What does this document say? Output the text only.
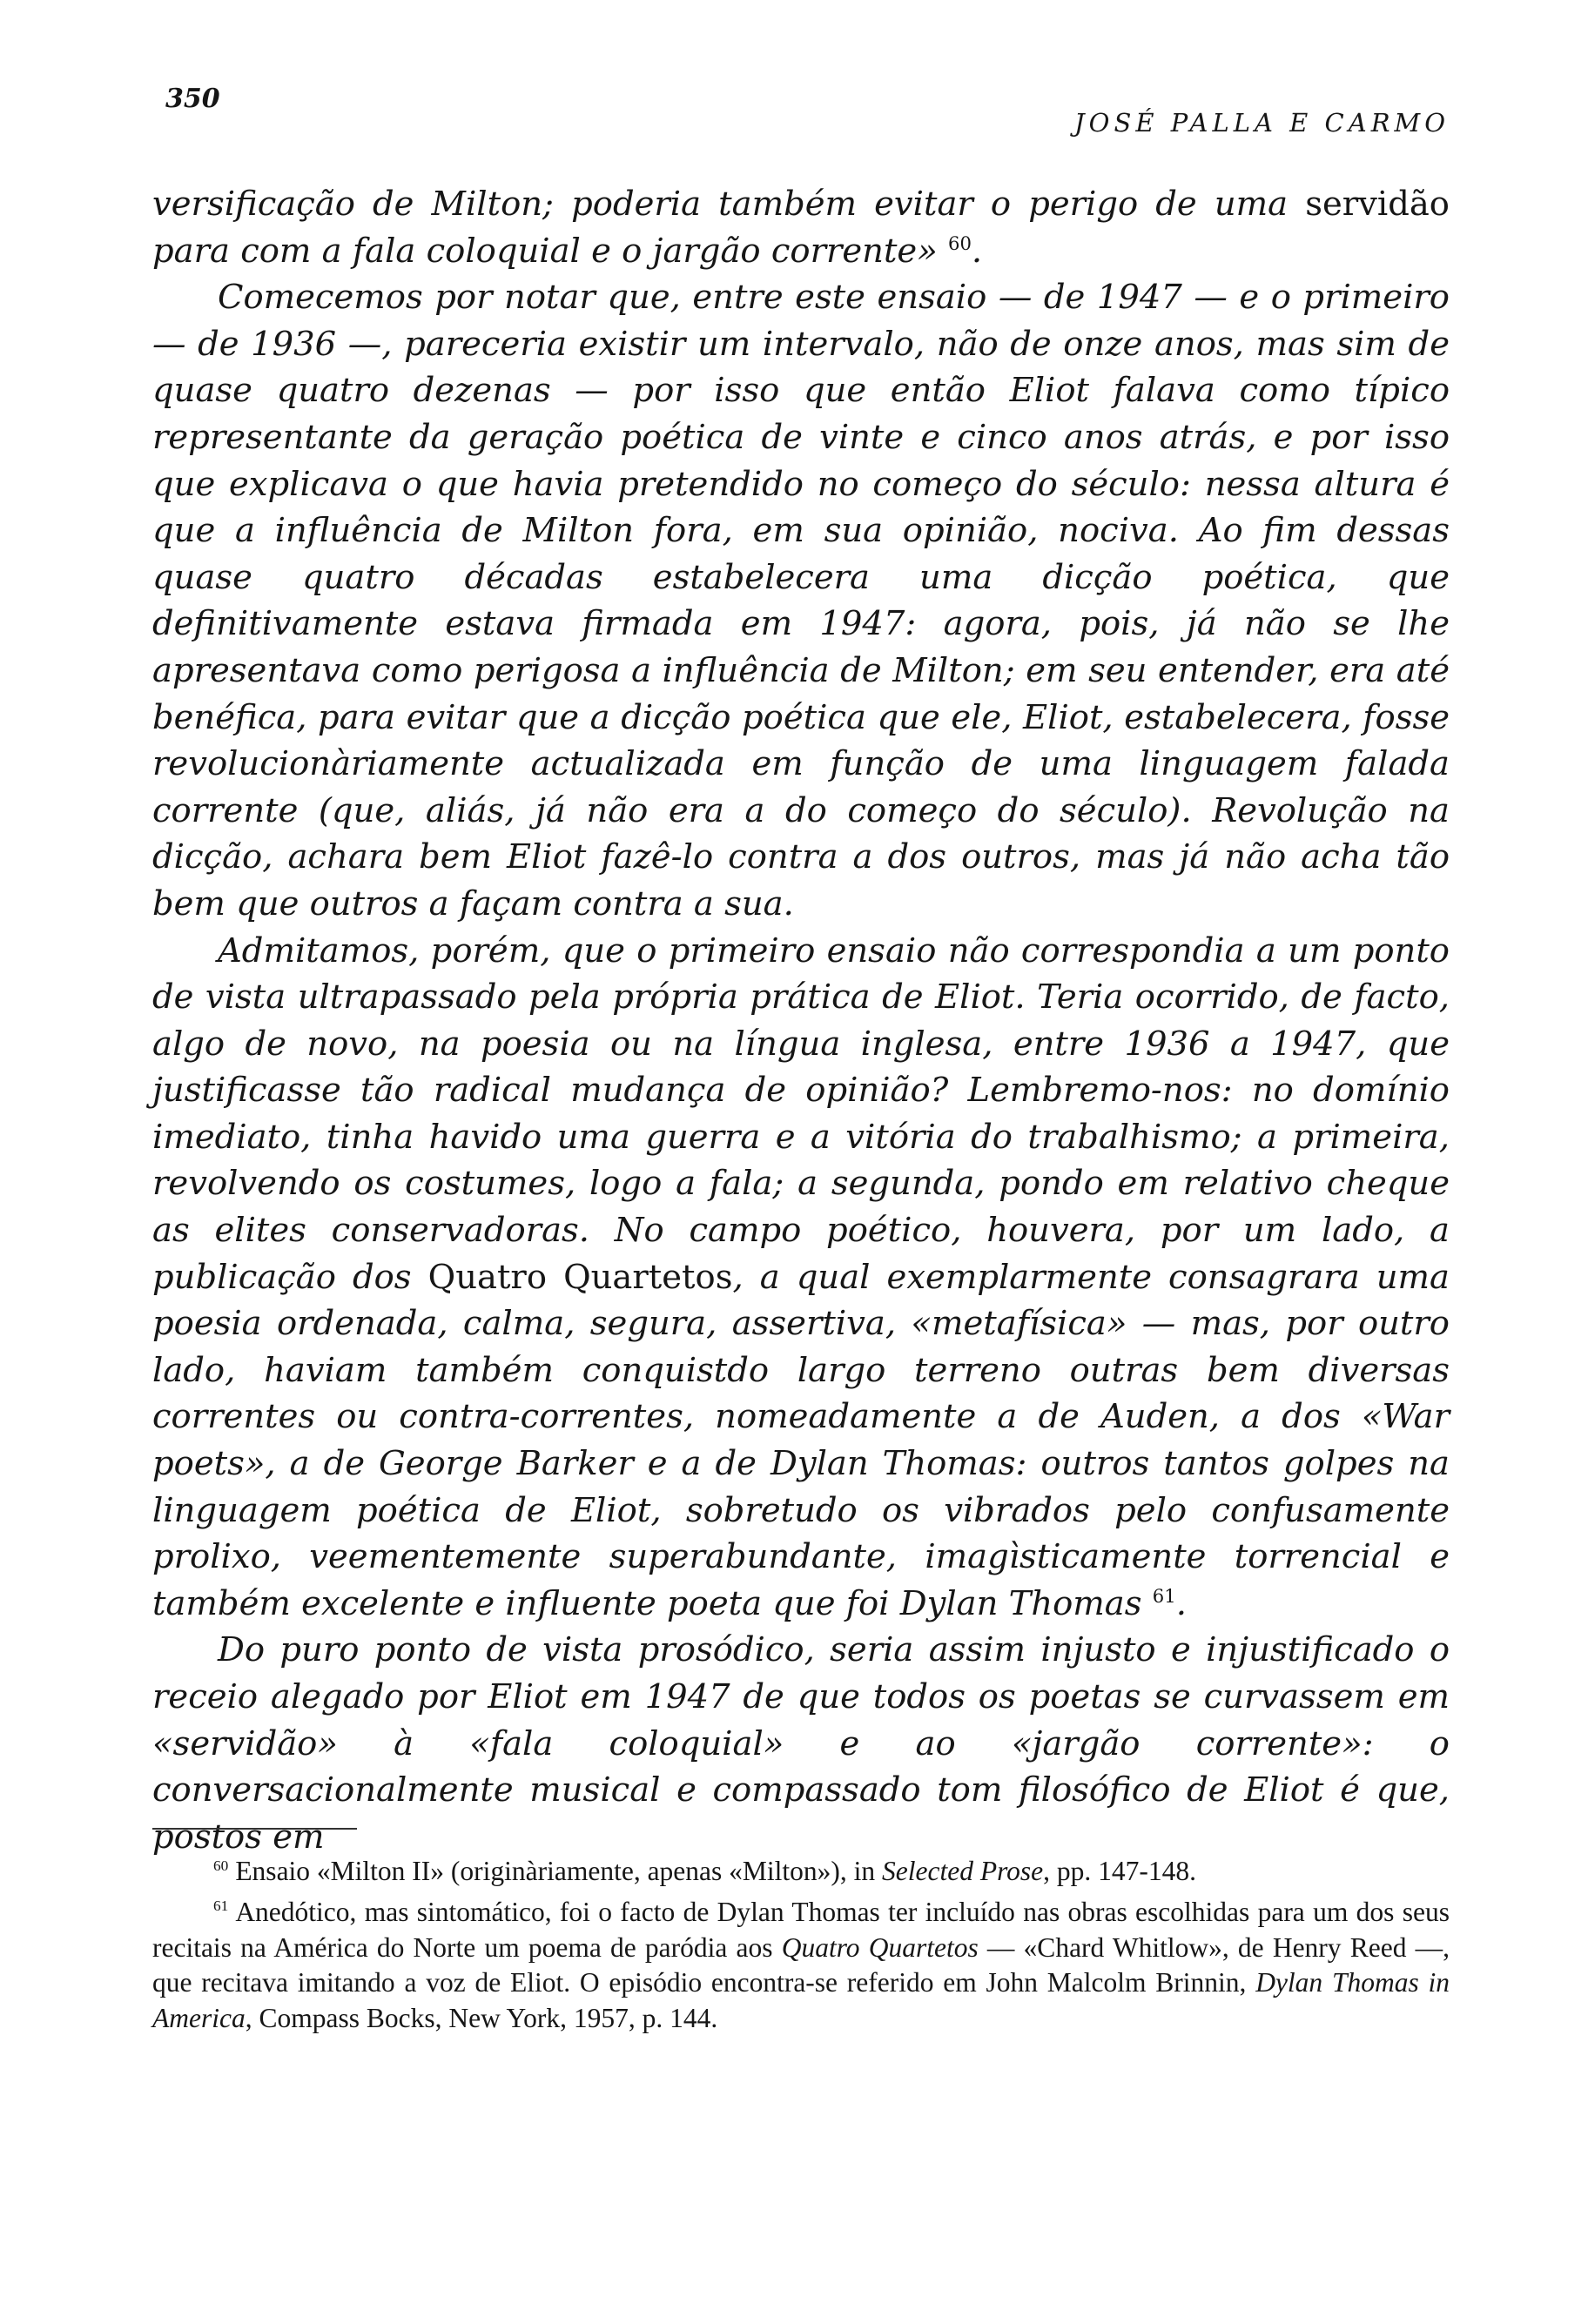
350
JOSÉ PALLA E CARMO

versificação de Milton; poderia também evitar o perigo de uma servidão para com a fala coloquial e o jargão corrente» $^{60}$.

Comecemos por notar que, entre este ensaio — de 1947 — e o primeiro — de 1936 —, pareceria existir um intervalo, não de onze anos, mas sim de quase quatro dezenas — por isso que então Eliot falava como típico representante da geração poética de vinte e cinco anos atrás, e por isso que explicava o que havia pretendido no começo do século: nessa altura é que a influência de Milton fora, em sua opinião, nociva. Ao fim dessas quase quatro décadas estabelecera uma dicção poética, que definitivamente estava firmada em 1947: agora, pois, já não se lhe apresentava como perigosa a influência de Milton; em seu entender, era até benéfica, para evitar que a dicção poética que ele, Eliot, estabelecera, fosse revolucionàriamente actualizada em função de uma linguagem falada corrente (que, aliás, já não era a do começo do século). Revolução na dicção, achara bem Eliot fazê-lo contra a dos outros, mas já não acha tão bem que outros a façam contra a sua.

Admitamos, porém, que o primeiro ensaio não correspondia a um ponto de vista ultrapassado pela própria prática de Eliot. Teria ocorrido, de facto, algo de novo, na poesia ou na língua inglesa, entre 1936 a 1947, que justificasse tão radical mudança de opinião? Lembremo-nos: no domínio imediato, tinha havido uma guerra e a vitória do trabalhismo; a primeira, revolvendo os costumes, logo a fala; a segunda, pondo em relativo cheque as elites conservadoras. No campo poético, houvera, por um lado, a publicação dos Quatro Quartetos, a qual exemplarmente consagrara uma poesia ordenada, calma, segura, assertiva, «metafísica» — mas, por outro lado, haviam também conquistdo largo terreno outras bem diversas correntes ou contra-correntes, nomeadamente a de Auden, a dos «War poets», a de George Barker e a de Dylan Thomas: outros tantos golpes na linguagem poética de Eliot, sobretudo os vibrados pelo confusamente prolixo, veementemente superabundante, imagìsticamente torrencial e também excelente e influente poeta que foi Dylan Thomas $^{61}$.

Do puro ponto de vista prosódico, seria assim injusto e injustificado o receio alegado por Eliot em 1947 de que todos os poetas se curvassem em «servidão» à «fala coloquial» e ao «jargão corrente»: o conversacionalmente musical e compassado tom filosófico de Eliot é que, postos em

$^{60}$ Ensaio «Milton II» (originàriamente, apenas «Milton»), in Selected Prose, pp. 147-148.

$^{61}$ Anedótico, mas sintomático, foi o facto de Dylan Thomas ter incluído nas obras escolhidas para um dos seus recitais na América do Norte um poema de paródia aos Quatro Quartetos — «Chard Whitlow», de Henry Reed —, que recitava imitando a voz de Eliot. O episódio encontra-se referido em John Malcolm Brinnin, Dylan Thomas in America, Compass Bocks, New York, 1957, p. 144.
